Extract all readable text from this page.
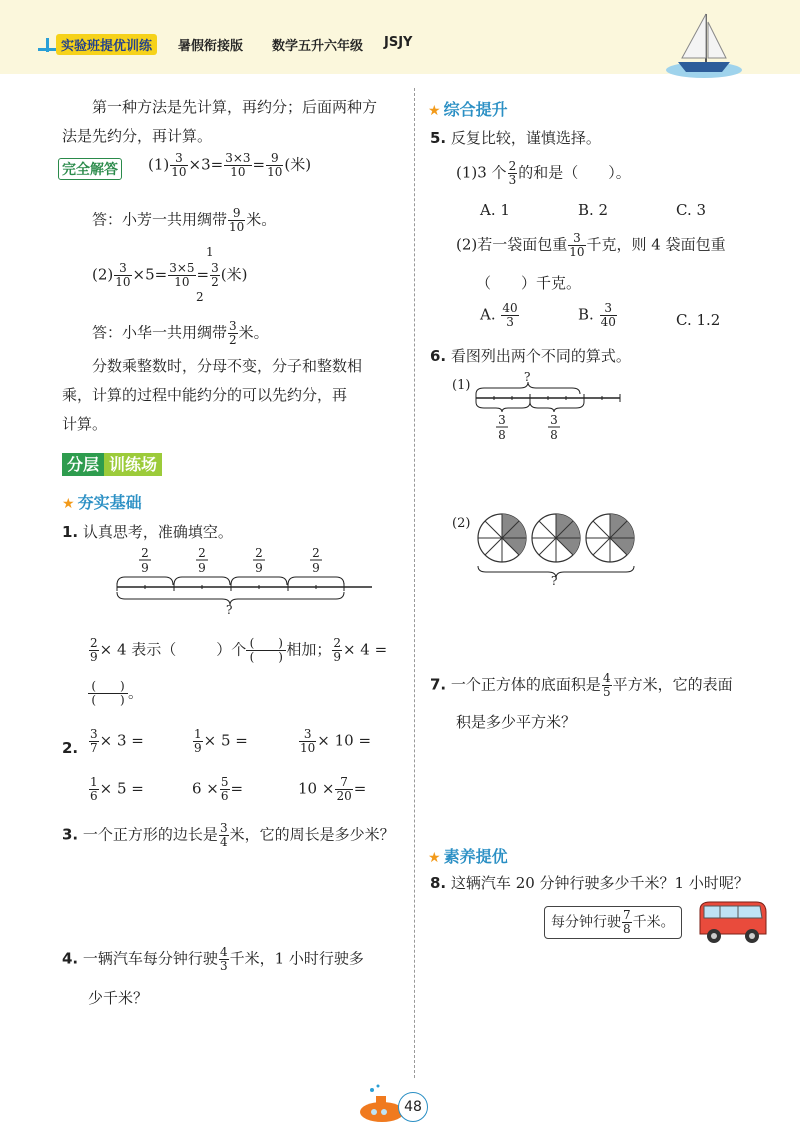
实验班提优训练	暑假衔接版 数学五升六年级 JSJY
第一种方法是先计算，再约分；后面两种方
法是先约分，再计算。
完全解答 $(1) \frac{3}{10} \times 3= \frac{3\times 3}{10} = \frac{9}{10}$ (米)
答：小芳一共用绸带 $\frac{9}{10}$ 米。
$(2) \frac{3}{10} \times 5= \frac{3\times 5}{10} = \frac{3}{2}$ (米)
1
2
答：小华一共用绸带 $\frac{3}{2}$ 米。
分数乘整数时，分母不变，分子和整数相
乘，计算的过程中能约分的可以先约分，再
计算。
分层 训练场
★ 夯实基础
1. 认真思考，准确填空。
2
9
2
9
2
9
2
9
?
$\frac{2}{9} \times 4$ 表示（	）个 $\frac{( )}{( )}$相加； $\frac{2}{9} \times 4$ =
$\frac{( )}{( )}$。
2. $\frac{3}{7} \times 3$ =	$\frac{1}{9} \times 5$ =	$\frac{3}{10} \times 10$ =
$\frac{1}{6} \times 5$ =	$6 \times \frac{5}{6}$ =	$10 \times \frac{7}{20}$ =
3. 一个正方形的边长是 $\frac{3}{4}$ 米，它的周长是多少米？
4. 一辆汽车每分钟行驶 $\frac{4}{3}$ 千米，1 小时行驶多
少千米？
★ 综合提升
5. 反复比较，谨慎选择。
(1)3 个 $\frac{2}{3}$ 的和是（　　）。
A. 1	B. 2	C. 3
(2)若一袋面包重 $\frac{3}{10}$ 千克，则 4 袋面包重
（　　）千克。
A. $\frac{40}{3}$	B. $\frac{3}{40}$	C. 1.2
6. 看图列出两个不同的算式。
(1)
?
3
8
3
8
(2)
?
7. 一个正方体的底面积是 $\frac{4}{5}$ 平方米，它的表面
积是多少平方米？
★ 素养提优
8. 这辆汽车 20 分钟行驶多少千米？1 小时呢？
每分钟行驶 $\frac{7}{8}$ 千米。
48
